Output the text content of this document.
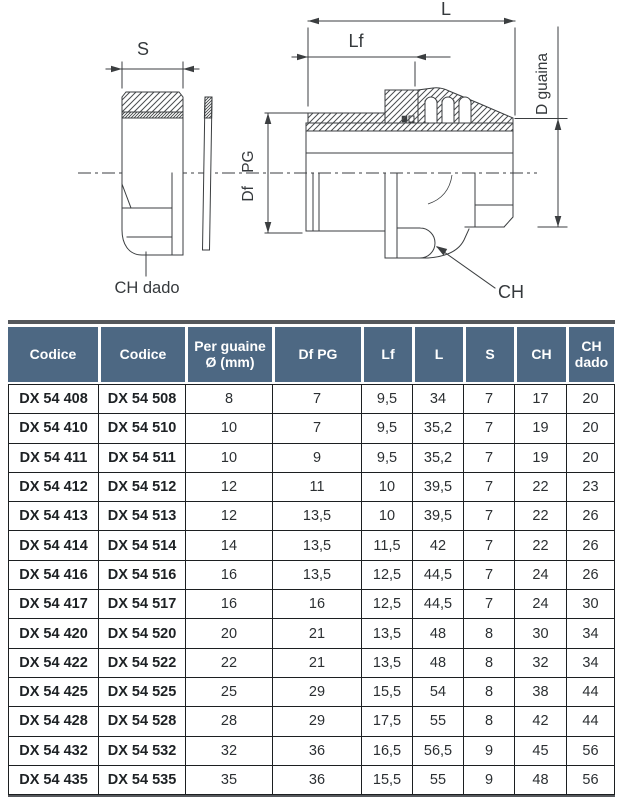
S
CH dado
L
Lf
Df PG
D guaina
CH
Codice	Codice	Per guaine Ø (mm)	Df PG	Lf	L	S	CH	CH dado
DX 54 408	DX 54 508	8	7	9,5	34	7	17	20
DX 54 410	DX 54 510	10	7	9,5	35,2	7	19	20
DX 54 411	DX 54 511	10	9	9,5	35,2	7	19	20
DX 54 412	DX 54 512	12	11	10	39,5	7	22	23
DX 54 413	DX 54 513	12	13,5	10	39,5	7	22	26
DX 54 414	DX 54 514	14	13,5	11,5	42	7	22	26
DX 54 416	DX 54 516	16	13,5	12,5	44,5	7	24	26
DX 54 417	DX 54 517	16	16	12,5	44,5	7	24	30
DX 54 420	DX 54 520	20	21	13,5	48	8	30	34
DX 54 422	DX 54 522	22	21	13,5	48	8	32	34
DX 54 425	DX 54 525	25	29	15,5	54	8	38	44
DX 54 428	DX 54 528	28	29	17,5	55	8	42	44
DX 54 432	DX 54 532	32	36	16,5	56,5	9	45	56
DX 54 435	DX 54 535	35	36	15,5	55	9	48	56
